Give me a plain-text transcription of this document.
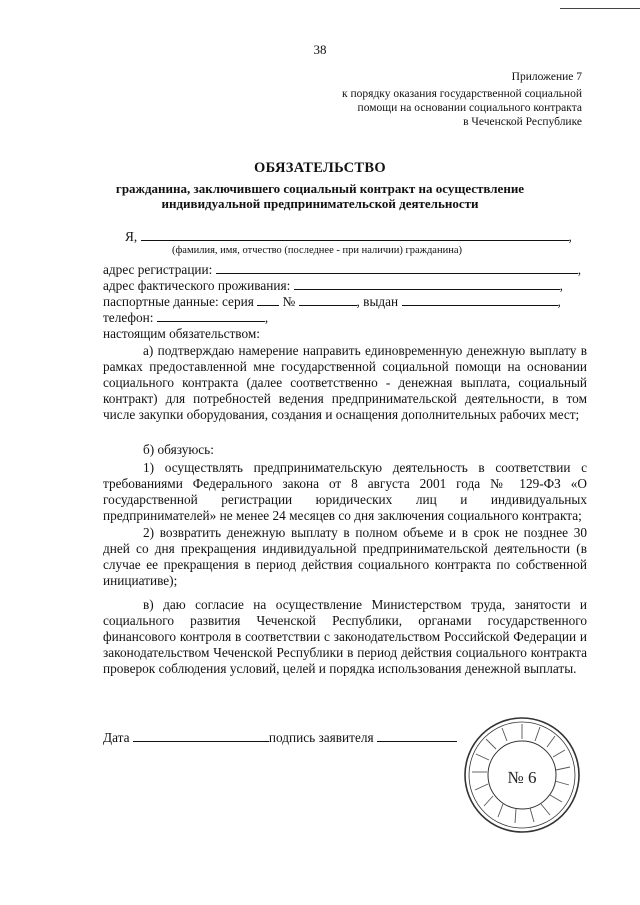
38
Приложение 7
к порядку оказания государственной социальной
помощи на основании социального контракта
в Чеченской Республике
ОБЯЗАТЕЛЬСТВО
гражданина, заключившего социальный контракт на осуществление
индивидуальной предпринимательской деятельности
Я,	,
(фамилия, имя, отчество (последнее - при наличии) гражданина)
адрес регистрации:	,
адрес фактического проживания:	,
паспортные данные: серия №	, выдан	,
телефон:	,
настоящим обязательством:
а) подтверждаю намерение направить единовременную денежную выплату в рамках предоставленной мне государственной социальной помощи на основании социального контракта (далее соответственно - денежная выплата, социальный контракт) для потребностей ведения предпринимательской деятельности, в том числе закупки оборудования, создания и оснащения дополнительных рабочих мест;
б) обязуюсь:
1) осуществлять предпринимательскую деятельность в соответствии с требованиями Федерального закона от 8 августа 2001 года № 129-ФЗ «О государственной регистрации юридических лиц и индивидуальных предпринимателей» не менее 24 месяцев со дня заключения социального контракта;
2) возвратить денежную выплату в полном объеме и в срок не позднее 30 дней со дня прекращения индивидуальной предпринимательской деятельности (в случае ее прекращения в период действия социального контракта по собственной инициативе);
в) даю согласие на осуществление Министерством труда, занятости и социального развития Чеченской Республики, органами государственного финансового контроля в соответствии с законодательством Российской Федерации и законодательством Чеченской Республики в период действия социального контракта проверок соблюдения условий, целей и порядка использования денежной выплаты.
Дата	подпись заявителя
№ 6
